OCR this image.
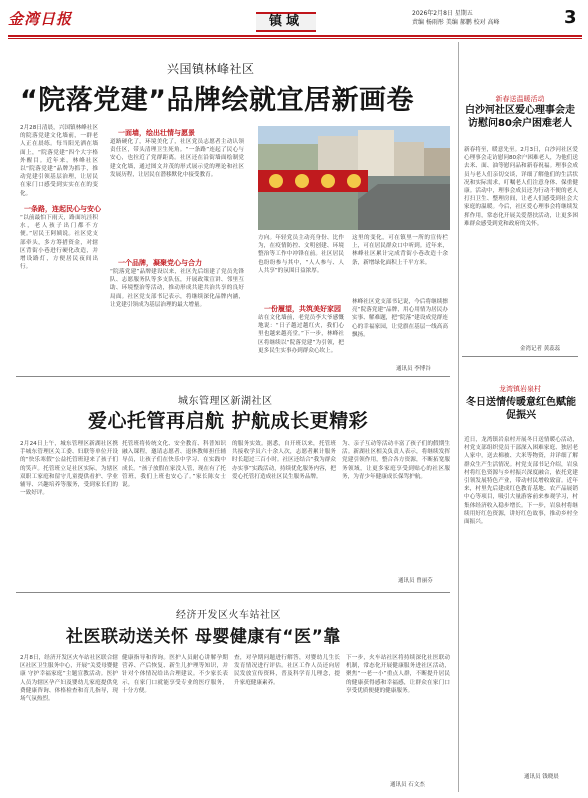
金湾日报	镇域
2026年2月8日 星期五
责编 杨雨彤 美编 郝鹏 校对 高峰	3
兴国镇林峰社区
“院落党建”品牌绘就宜居新画卷
2月28日清晨，兴国镇林峰社区的院落党建文化墙前，一群老人正在晨练。每当阳光洒在墙面上，“院落党建”四个大字格外醒目。近年来，林峰社区以“院落党建”品牌为抓手，推动党建引领基层治理，让居民在家门口感受到实实在在的变化。
一条路，连起民心与安心
“以前最怕下雨天，路面坑洼积水，老人孩子出门都不方便。”居民王阿姨说。社区党支部牵头，多方筹措资金，对辖区背街小巷进行硬化改造，并增设路灯，方便居民夜间出行。
一面墙，绘出壮情与愿景
道路硬化了，环境美化了，社区党员志愿者主动认领责任区，带头清理卫生死角。“一条路”连起了民心与安心，也拉近了党群距离。社区还在沿街墙面绘制党建文化墙，通过图文并茂的形式展示党的理论和社区发展历程，让居民在潜移默化中接受教育。
一个品牌，凝聚党心与合力
“院落党建”品牌建设以来，社区先后组建了党员先锋队、志愿服务队等多支队伍，开展政策宣讲、邻里互助、环境整治等活动，推动形成共建共治共享的良好局面。社区党支部书记表示，将继续深化品牌内涵，让党建引领成为基层治理的最大增量。
方向。年轻党员主动亮身份、比作为，在疫情防控、文明创建、环境整治等工作中冲锋在前。社区居民也纷纷参与其中，“人人参与、人人共享”的氛围日益浓厚。
一份履望，共筑美好家园
站在文化墙前，老党员李大爷感慨地说：“日子越过越红火，我们心里也越来越亮堂。”下一步，林峰社区将继续以“院落党建”为引领，把更多民生实事办到群众心坎上。
这里的变化，可在镇里一所的宣传栏上，可在居民群众口中听到。近年来，林峰社区累计完成背街小巷改造十余条，新增绿化面积上千平方米。
林峰社区党支部书记说，今后将继续擦亮“院落党建”品牌，用心用情为居民办实事、解难题，把“院落”建设成党群连心的幸福家园，让党旗在基层一线高高飘扬。
通讯员 李博谷
城东管理区新湖社区
爱心托管再启航 护航成长更精彩
2月24日上午，城东管理区新湖社区携手城东管理区关工委、妇联等单位开设的“快乐寒假”公益托管班迎来了孩子们的笑声。托管班立足社区实际，为辖区双职工家庭和留守儿童提供看护、学业辅导、兴趣培养等服务，受到家长们的一致好评。
托管班将传统文化、安全教育、科普知识融入课程，邀请志愿者、退休教师担任辅导员，让孩子们在快乐中学习、在实践中成长。“孩子放假在家没人管，现在有了托管班，我们上班也安心了。”家长陈女士说。
的服务实效。据悉，自开班以来，托管班共接收学员六十余人次，志愿者累计服务时长超过三百小时。社区还结合“我为群众办实事”实践活动，持续优化服务内容，把爱心托管打造成社区民生服务品牌。
为、亲子互动等活动丰富了孩子们的假期生活。新湖社区相关负责人表示，将继续发挥党建引领作用，整合各方资源，不断拓宽服务领域，让更多家庭享受到贴心的社区服务，为青少年健康成长保驾护航。
通讯员 曾丽芬
经济开发区火车站社区
社医联动送关怀 母婴健康有“医”靠
2月8日，经济开发区火车站社区联合辖区社区卫生服务中心，开展“关爱母婴健康 守护幸福家庭”主题宣教活动。医护人员为辖区孕产妇及婴幼儿家庭提供免费健康咨询、体格检查和育儿指导，现场气氛热烈。
健康指导和咨询。医护人员耐心讲解孕期营养、产后恢复、新生儿护理等知识，并针对个体情况给出合理建议。不少家长表示，在家门口就能享受专业的医疗服务，十分方便。
查，对孕期问题进行解答，对婴幼儿生长发育情况进行评估。社区工作人员还向居民发放宣传资料，普及科学育儿理念，提升家庭健康素养。
下一步，火车站社区将持续深化社医联动机制，常态化开展健康服务进社区活动，聚焦“一老一小”重点人群，不断提升居民的健康获得感和幸福感，让群众在家门口享受优质便捷的健康服务。
通讯员 石文杰
新春送温暖活动
白沙河社区爱心理事会走访慰问80余户困难老人
新春将至，暖意先至。2月3日，白沙河社区爱心理事会走访慰问80余户困难老人，为他们送去米、面、油等慰问品和新春祝福。理事会成员与老人们亲切交谈，详细了解他们的生活状况和实际需求，叮嘱老人们注意身体、保重健康。活动中，理事会成员还为行动不便的老人打扫卫生、整理房间，让老人们感受到社会大家庭的温暖。今后，社区爱心理事会将继续发挥作用，常态化开展关爱帮扶活动，让更多困难群众感受到党和政府的关怀。
金湾记者 黄蕊蕊
龙湾镇岩泉村
冬日送情传暖意红色赋能促振兴
近日，龙湾镇岩泉村开展冬日送情暖心活动，村党支部组织党员干部深入困难家庭、独居老人家中，送去棉被、大米等物资，并详细了解群众生产生活情况。村党支部书记介绍，岩泉村将红色资源与乡村振兴深度融合，依托党建引领发展特色产业，带动村民增收致富。近年来，村里先后建成红色教育基地、农产品展销中心等项目，吸引大量游客前来参观学习，村集体经济收入稳步增长。下一步，岩泉村将继续用好红色资源，讲好红色故事，推动乡村全面振兴。
通讯员 钱晓晨
